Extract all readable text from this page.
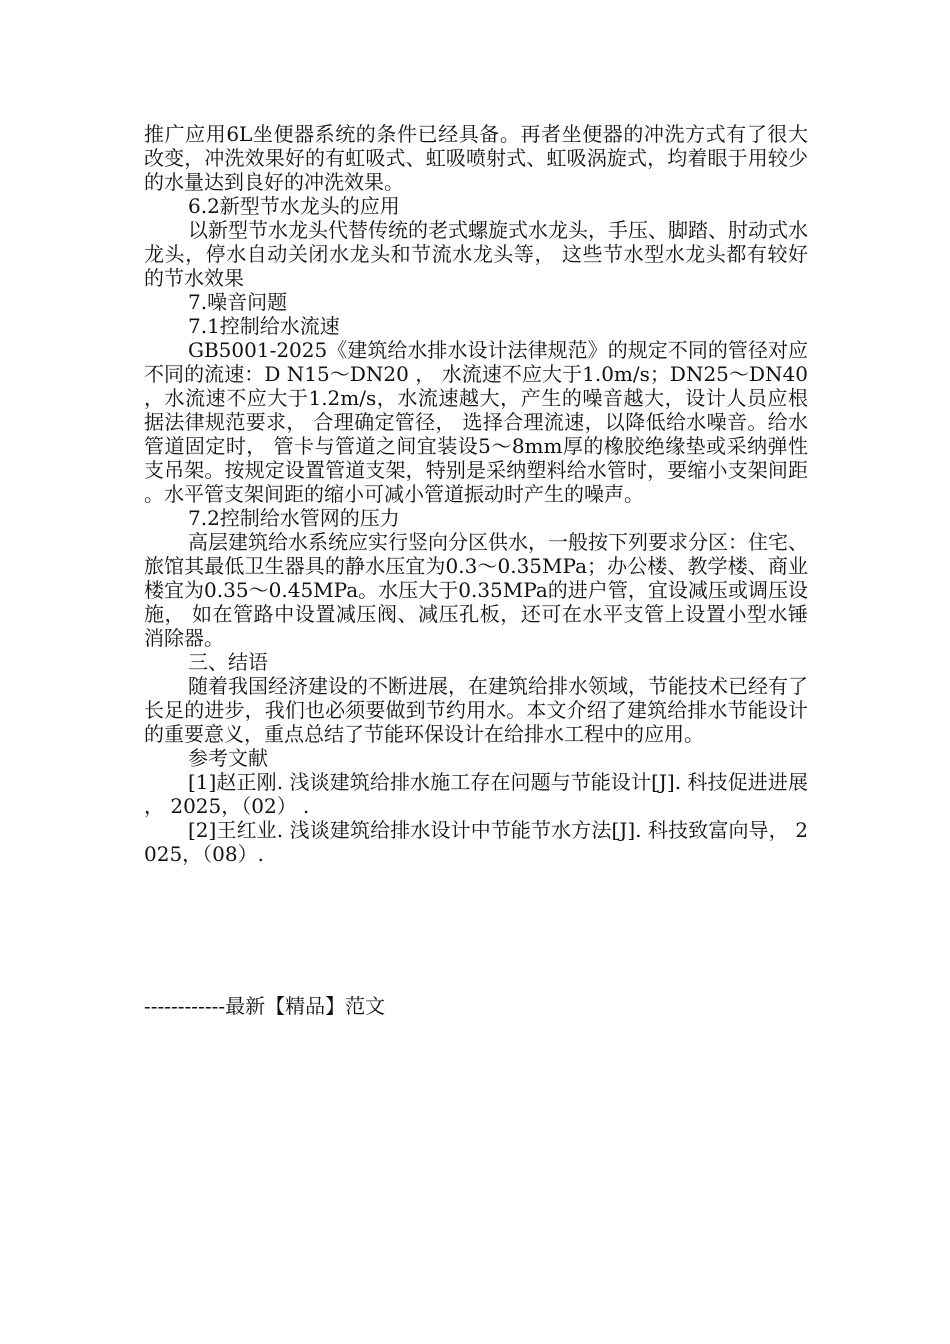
推广应用6L坐便器系统的条件已经具备。再者坐便器的冲洗方式有了很大改变，冲洗效果好的有虹吸式、虹吸喷射式、虹吸涡旋式，均着眼于用较少的水量达到良好的冲洗效果。

6.2新型节水龙头的应用

以新型节水龙头代替传统的老式螺旋式水龙头，手压、脚踏、肘动式水龙头，停水自动关闭水龙头和节流水龙头等， 这些节水型水龙头都有较好的节水效果

7.噪音问题

7.1控制给水流速

GB5001-2025《建筑给水排水设计法律规范》的规定不同的管径对应不同的流速：D N15～DN20 ， 水流速不应大于1.0m/s；DN25～DN40，水流速不应大于1.2m/s，水流速越大，产生的噪音越大，设计人员应根据法律规范要求， 合理确定管径， 选择合理流速，以降低给水噪音。给水管道固定时， 管卡与管道之间宜装设5～8mm厚的橡胶绝缘垫或采纳弹性支吊架。按规定设置管道支架，特别是采纳塑料给水管时，要缩小支架间距。水平管支架间距的缩小可减小管道振动时产生的噪声。

7.2控制给水管网的压力

高层建筑给水系统应实行竖向分区供水，一般按下列要求分区：住宅、旅馆其最低卫生器具的静水压宜为0.3～0.35MPa；办公楼、教学楼、商业楼宜为0.35～0.45MPa。水压大于0.35MPa的进户管，宜设减压或调压设施， 如在管路中设置减压阀、减压孔板，还可在水平支管上设置小型水锤消除器。

三、结语

随着我国经济建设的不断进展，在建筑给排水领域，节能技术已经有了长足的进步，我们也必须要做到节约用水。本文介绍了建筑给排水节能设计的重要意义，重点总结了节能环保设计在给排水工程中的应用。

参考文献

[1]赵正刚. 浅谈建筑给排水施工存在问题与节能设计[J]. 科技促进进展， 2025，（02） .

[2]王红业. 浅谈建筑给排水设计中节能节水方法[J]. 科技致富向导， 2025，（08）.

------------最新【精品】范文
